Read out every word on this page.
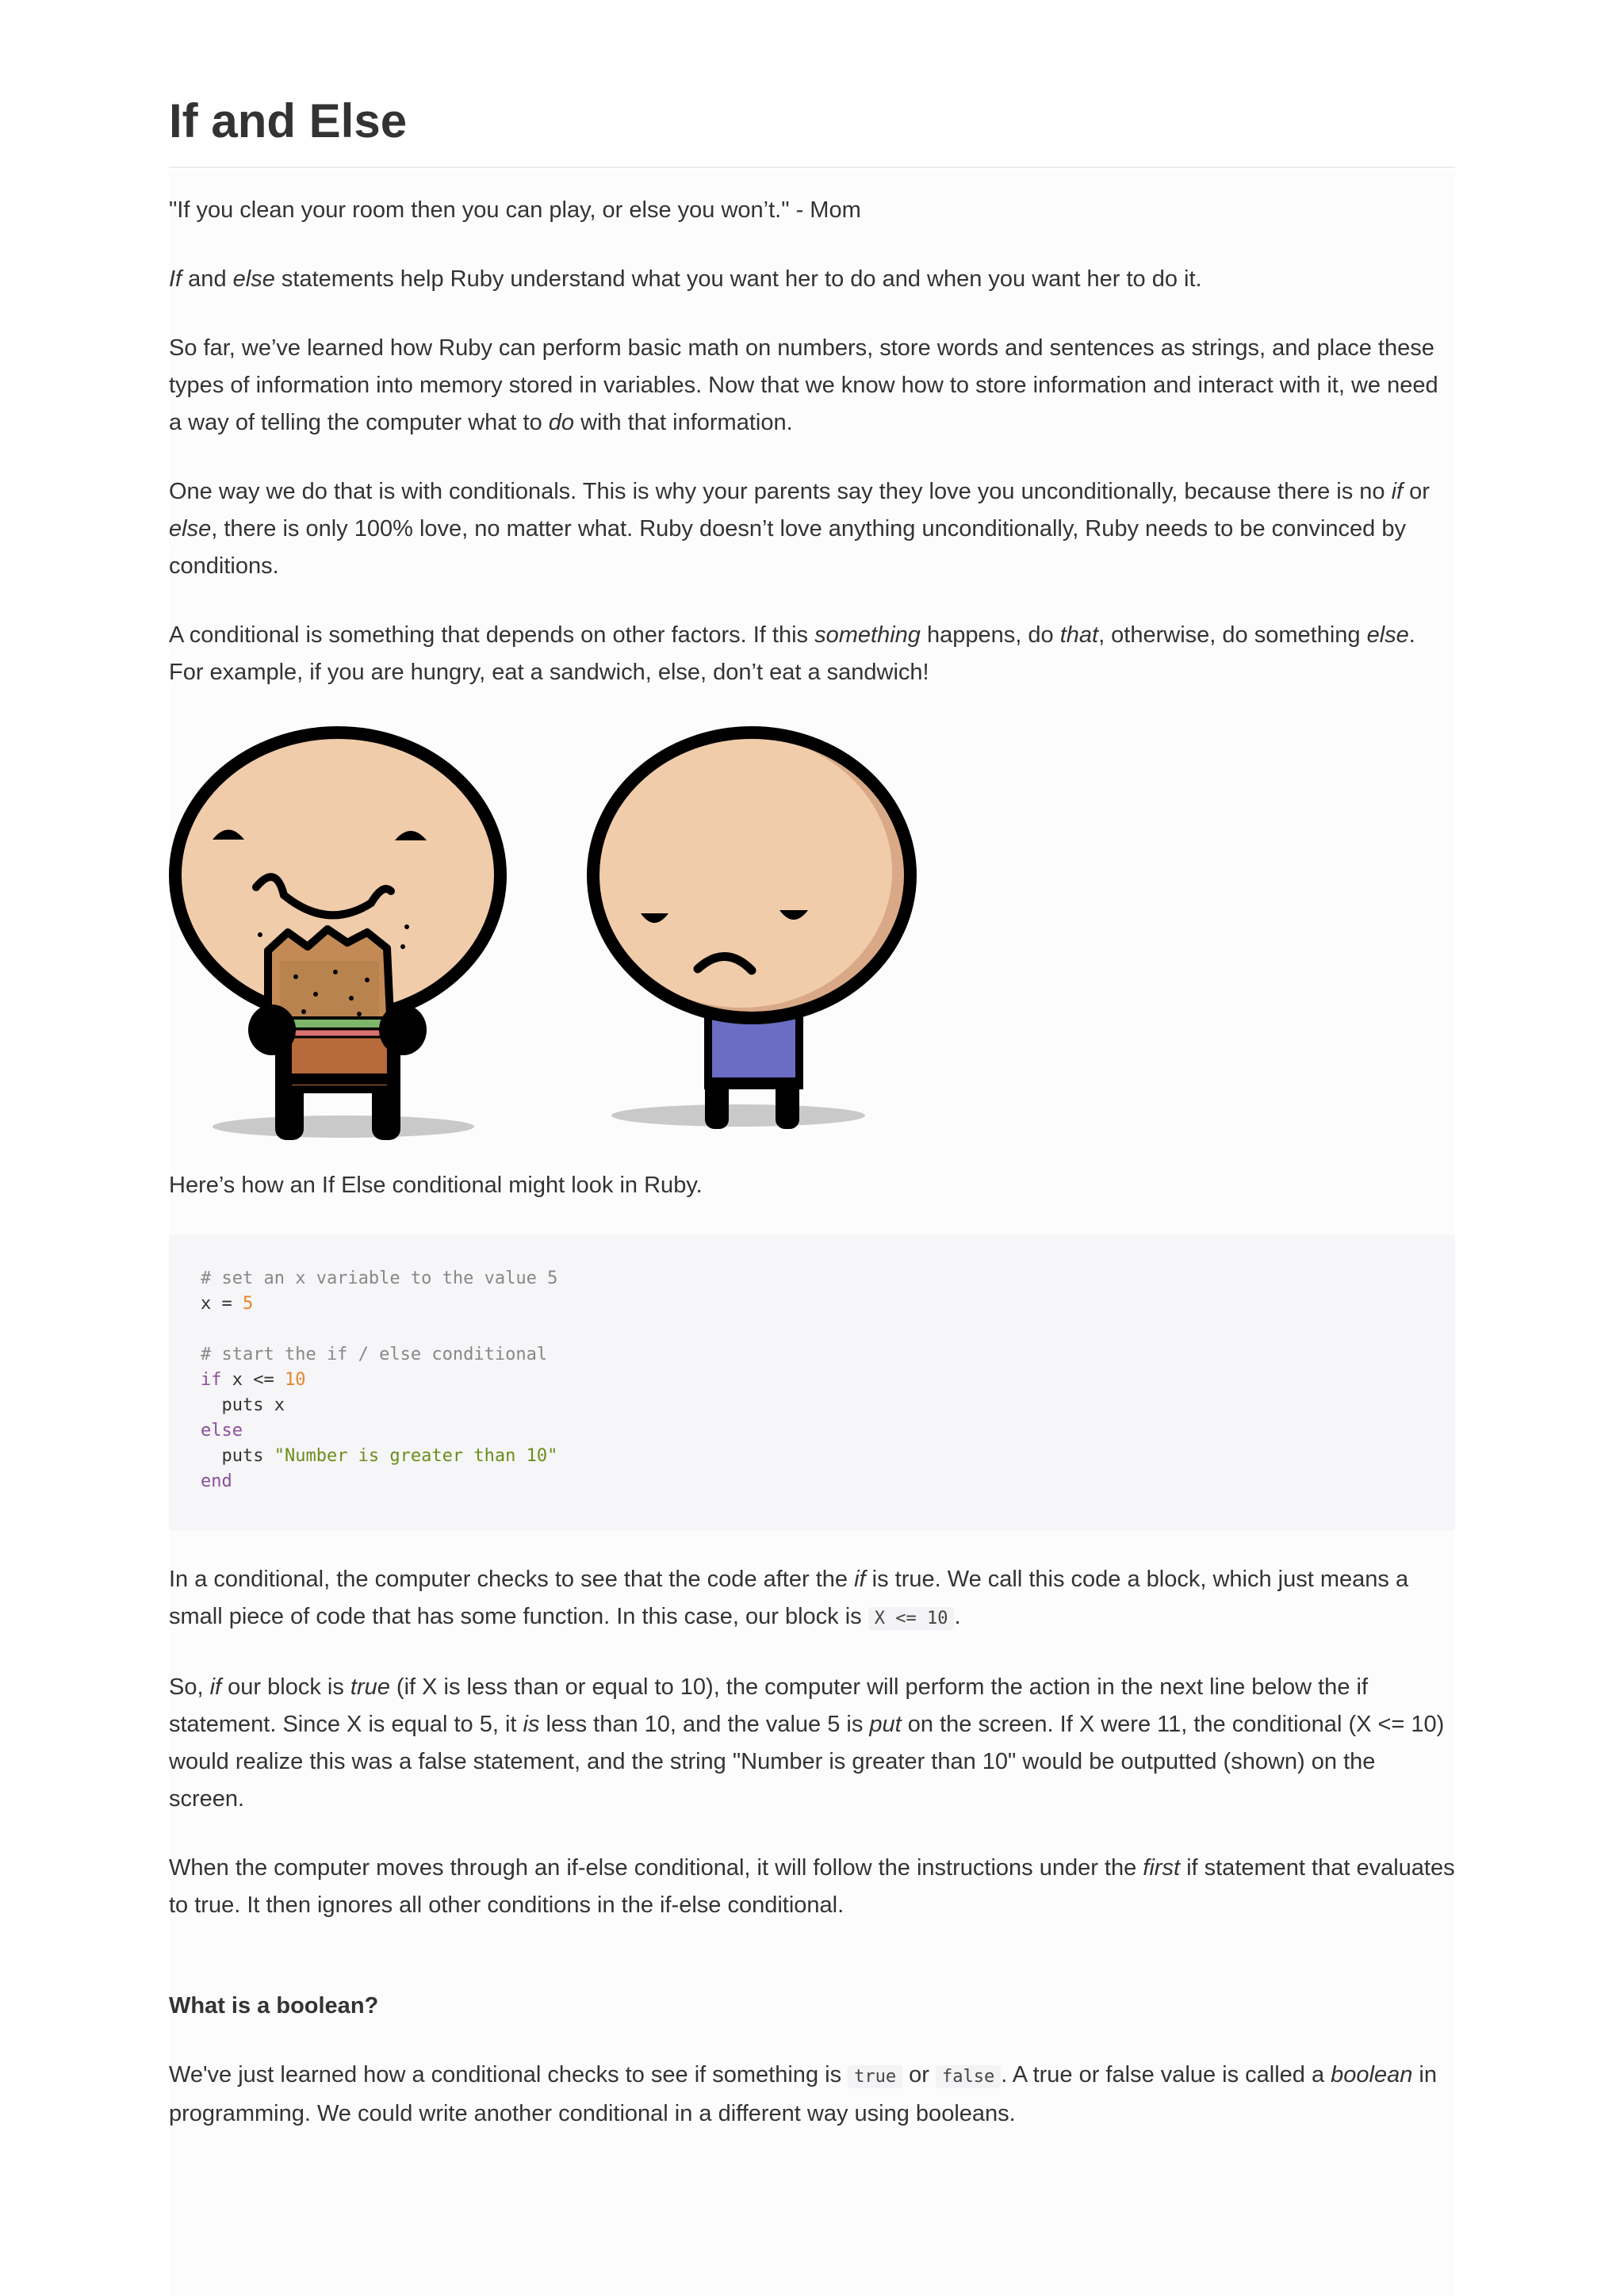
If and Else

"If you clean your room then you can play, or else you won’t." - Mom

If and else statements help Ruby understand what you want her to do and when you want her to do it.

So far, we’ve learned how Ruby can perform basic math on numbers, store words and sentences as strings, and place these types of information into memory stored in variables. Now that we know how to store information and interact with it, we need a way of telling the computer what to do with that information.

One way we do that is with conditionals. This is why your parents say they love you unconditionally, because there is no if or else, there is only 100% love, no matter what. Ruby doesn’t love anything unconditionally, Ruby needs to be convinced by conditions.

A conditional is something that depends on other factors. If this something happens, do that, otherwise, do something else. For example, if you are hungry, eat a sandwich, else, don’t eat a sandwich!

Here’s how an If Else conditional might look in Ruby.

# set an x variable to the value 5
x = 5
# start the if / else conditional
if x <= 10
puts x
else
puts "Number is greater than 10"
end

In a conditional, the computer checks to see that the code after the if is true. We call this code a block, which just means a small piece of code that has some function. In this case, our block is X <= 10 .

So, if our block is true (if X is less than or equal to 10), the computer will perform the action in the next line below the if statement. Since X is equal to 5, it is less than 10, and the value 5 is put on the screen. If X were 11, the conditional (X <= 10) would realize this was a false statement, and the string "Number is greater than 10" would be outputted (shown) on the screen.

When the computer moves through an if-else conditional, it will follow the instructions under the first if statement that evaluates to true. It then ignores all other conditions in the if-else conditional.

What is a boolean?

We've just learned how a conditional checks to see if something is true or false . A true or false value is called a boolean in programming. We could write another conditional in a different way using booleans.
